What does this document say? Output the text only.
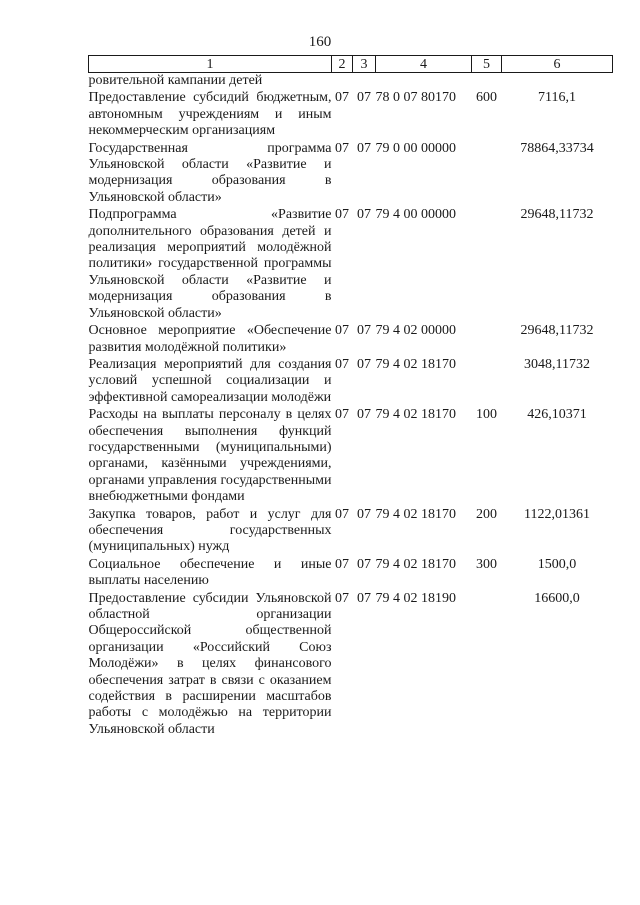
160
1	2	3	4	5	6
ровительной кампании детей					
Предоставление субсидий бюджетным, автономным учреждениям и иным некоммерческим организациям	07	07	78 0 07 80170	600	7116,1
Государственная программа Ульяновской области «Развитие и модернизация образования в Ульяновской области»	07	07	79 0 00 00000		78864,33734
Подпрограмма «Развитие дополнительного образования детей и реализация мероприятий молодёжной политики» государственной программы Ульяновской области «Развитие и модернизация образования в Ульяновской области»	07	07	79 4 00 00000		29648,11732
Основное мероприятие «Обеспечение развития молодёжной политики»	07	07	79 4 02 00000		29648,11732
Реализация мероприятий для создания условий успешной социализации и эффективной самореализации молодёжи	07	07	79 4 02 18170		3048,11732
Расходы на выплаты персоналу в целях обеспечения выполнения функций государственными (муниципальными) органами, казёнными учреждениями, органами управления государственными внебюджетными фондами	07	07	79 4 02 18170	100	426,10371
Закупка товаров, работ и услуг для обеспечения государственных (муниципальных) нужд	07	07	79 4 02 18170	200	1122,01361
Социальное обеспечение и иные выплаты населению	07	07	79 4 02 18170	300	1500,0
Предоставление субсидии Ульяновской областной организации Общероссийской общественной организации «Российский Союз Молодёжи» в целях финансового обеспечения затрат в связи с оказанием содействия в расширении масштабов работы с молодёжью на территории Ульяновской области	07	07	79 4 02 18190		16600,0
